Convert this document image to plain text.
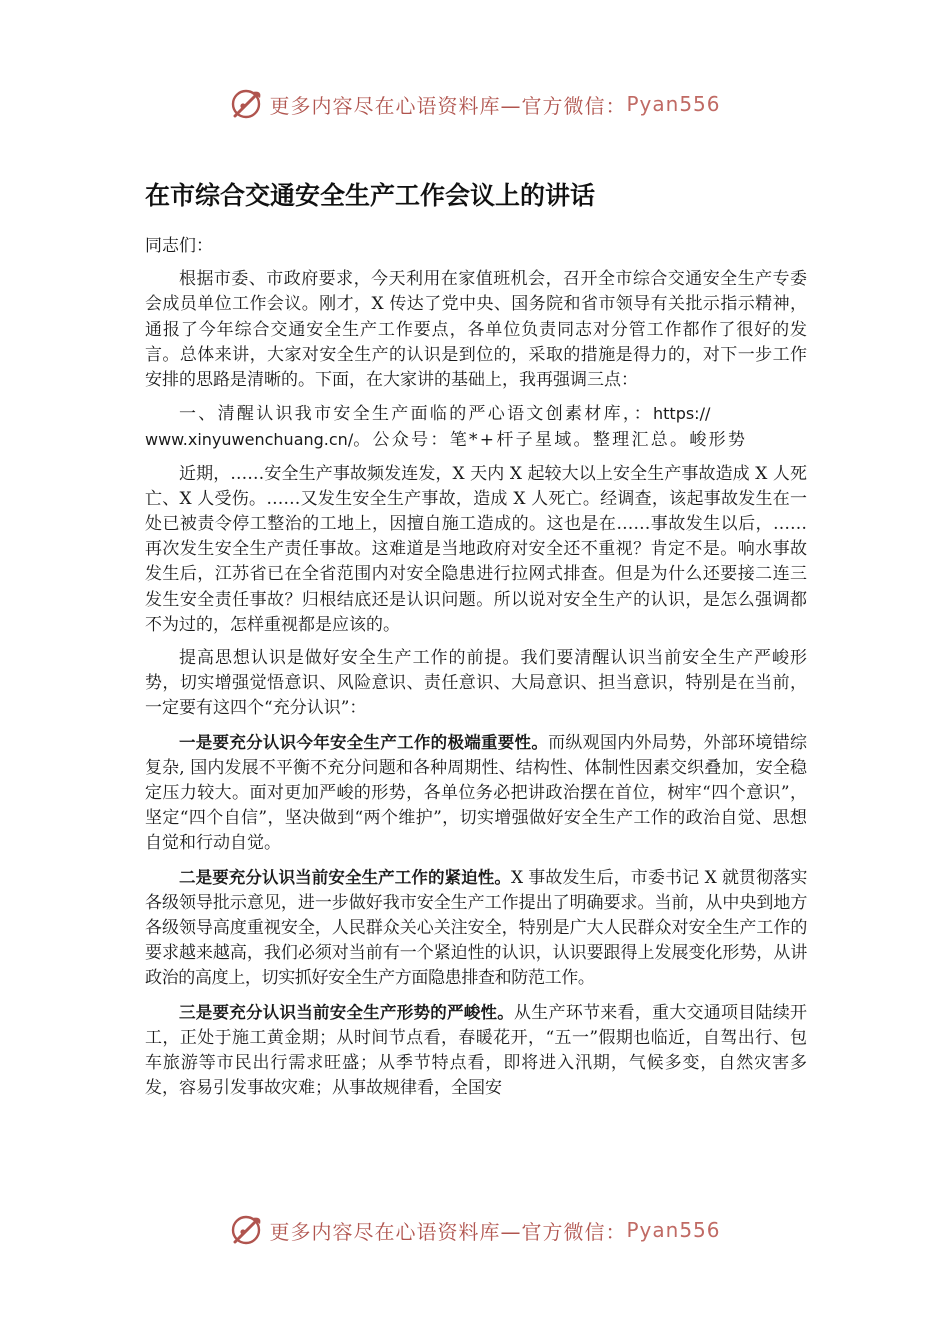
更多内容尽在心语资料库—官方微信： Pyan556
在市综合交通安全生产工作会议上的讲话

同志们：

根据市委、市政府要求，今天利用在家值班机会，召开全市综合交通安全生产专委会成员单位工作会议。刚才，X 传达了党中央、国务院和省市领导有关批示指示精神，通报了今年综合交通安全生产工作要点，各单位负责同志对分管工作都作了很好的发言。总体来讲，大家对安全生产的认识是到位的，采取的措施是得力的，对下一步工作安排的思路是清晰的。下面，在大家讲的基础上，我再强调三点：

一、清醒认识我市安全生产面临的严心语文创素材库，：https://
www.xinyuwenchuang.cn/。公众号：笔*+杆子星域。整理汇总。峻形势

近期，……安全生产事故频发连发，X 天内 X 起较大以上安全生产事故造成 X 人死亡、X 人受伤。……又发生安全生产事故，造成 X 人死亡。经调查，该起事故发生在一处已被责令停工整治的工地上，因擅自施工造成的。这也是在……事故发生以后，……再次发生安全生产责任事故。这难道是当地政府对安全还不重视？肯定不是。响水事故发生后，江苏省已在全省范围内对安全隐患进行拉网式排查。但是为什么还要接二连三发生安全责任事故？归根结底还是认识问题。所以说对安全生产的认识，是怎么强调都不为过的，怎样重视都是应该的。

提高思想认识是做好安全生产工作的前提。我们要清醒认识当前安全生产严峻形势，切实增强觉悟意识、风险意识、责任意识、大局意识、担当意识，特别是在当前，一定要有这四个“充分认识”：

一是要充分认识今年安全生产工作的极端重要性。而纵观国内外局势，外部环境错综复杂, 国内发展不平衡不充分问题和各种周期性、结构性、体制性因素交织叠加，安全稳定压力较大。面对更加严峻的形势，各单位务必把讲政治摆在首位，树牢“四个意识”，坚定“四个自信”，坚决做到“两个维护”，切实增强做好安全生产工作的政治自觉、思想自觉和行动自觉。

二是要充分认识当前安全生产工作的紧迫性。X 事故发生后，市委书记 X 就贯彻落实各级领导批示意见，进一步做好我市安全生产工作提出了明确要求。当前，从中央到地方各级领导高度重视安全，人民群众关心关注安全，特别是广大人民群众对安全生产工作的要求越来越高，我们必须对当前有一个紧迫性的认识，认识要跟得上发展变化形势，从讲政治的高度上，切实抓好安全生产方面隐患排查和防范工作。

三是要充分认识当前安全生产形势的严峻性。从生产环节来看，重大交通项目陆续开工，正处于施工黄金期；从时间节点看，春暖花开，“五一”假期也临近，自驾出行、包车旅游等市民出行需求旺盛；从季节特点看，即将进入汛期，气候多变，自然灾害多发，容易引发事故灾难；从事故规律看，全国安

更多内容尽在心语资料库—官方微信： Pyan556
